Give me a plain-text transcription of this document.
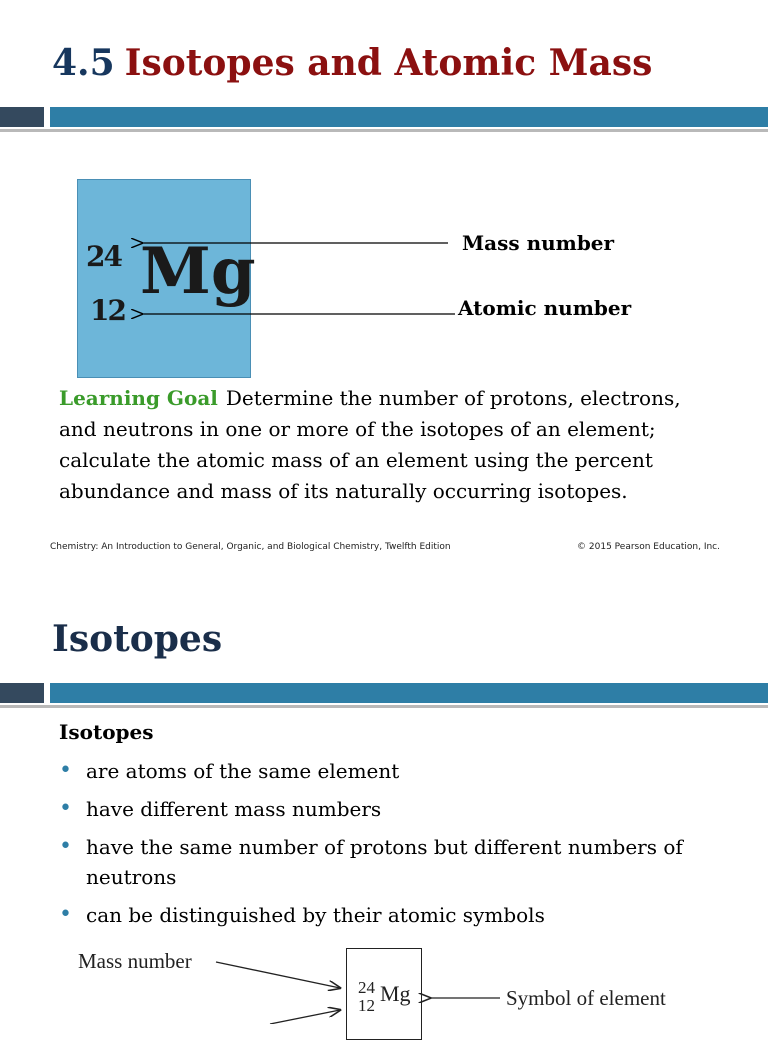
4.5 Isotopes and Atomic Mass
24
12
Mg	Mass number
Atomic number
Learning Goal Determine the number of protons, electrons, and neutrons in one or more of the isotopes of an element; calculate the atomic mass of an element using the percent abundance and mass of its naturally occurring isotopes.
Chemistry: An Introduction to General, Organic, and Biological Chemistry, Twelfth Edition	© 2015 Pearson Education, Inc.
Isotopes
Isotopes
• are atoms of the same element
• have different mass numbers
• have the same number of protons but different numbers of neutrons
• can be distinguished by their atomic symbols
Mass number
Symbol of element
24
12 Mg
